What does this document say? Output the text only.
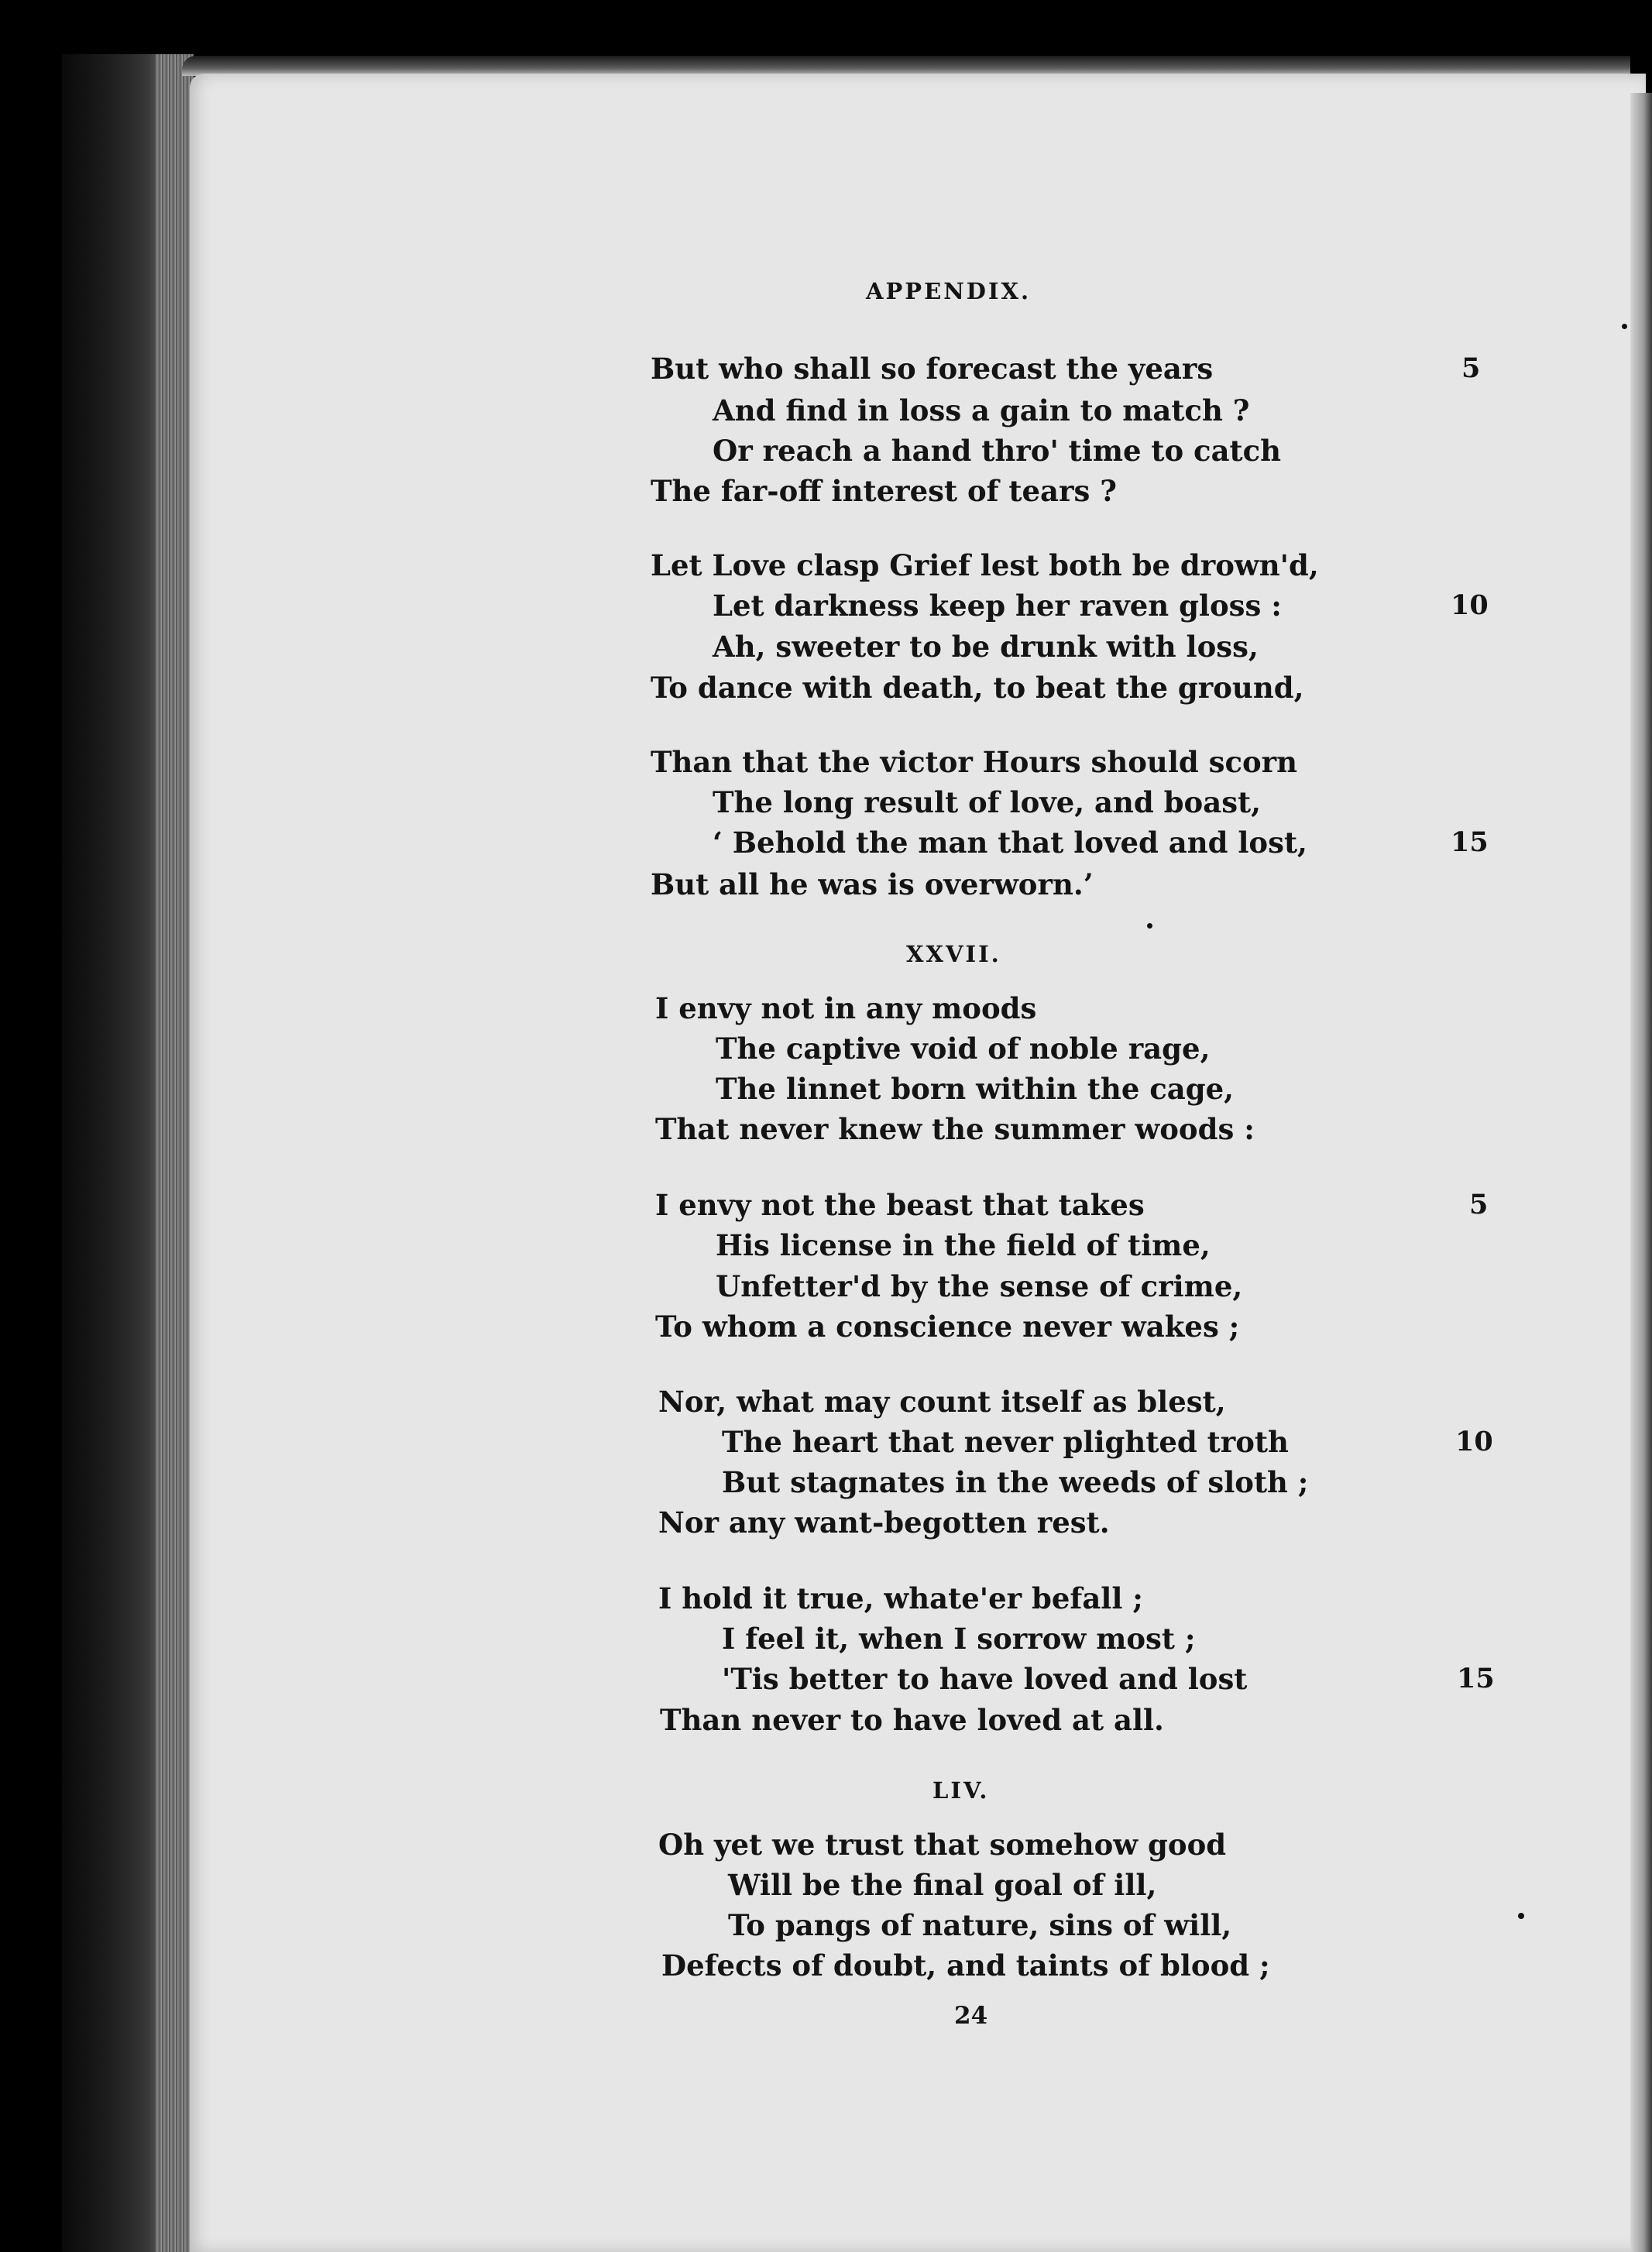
APPENDIX.
But who shall so forecast the years
And find in loss a gain to match ?
Or reach a hand thro' time to catch
The far-off interest of tears ?
5
Let Love clasp Grief lest both be drown'd,
Let darkness keep her raven gloss :
Ah, sweeter to be drunk with loss,
To dance with death, to beat the ground,
10
Than that the victor Hours should scorn
The long result of love, and boast,
‘ Behold the man that loved and lost,
But all he was is overworn.’
15
XXVII.
I envy not in any moods
The captive void of noble rage,
The linnet born within the cage,
That never knew the summer woods :
I envy not the beast that takes
His license in the field of time,
Unfetter'd by the sense of crime,
To whom a conscience never wakes ;
5
Nor, what may count itself as blest,
The heart that never plighted troth
But stagnates in the weeds of sloth ;
Nor any want-begotten rest.
10
I hold it true, whate'er befall ;
I feel it, when I sorrow most ;
'Tis better to have loved and lost
Than never to have loved at all.
15
LIV.
Oh yet we trust that somehow good
Will be the final goal of ill,
To pangs of nature, sins of will,
Defects of doubt, and taints of blood ;
24
